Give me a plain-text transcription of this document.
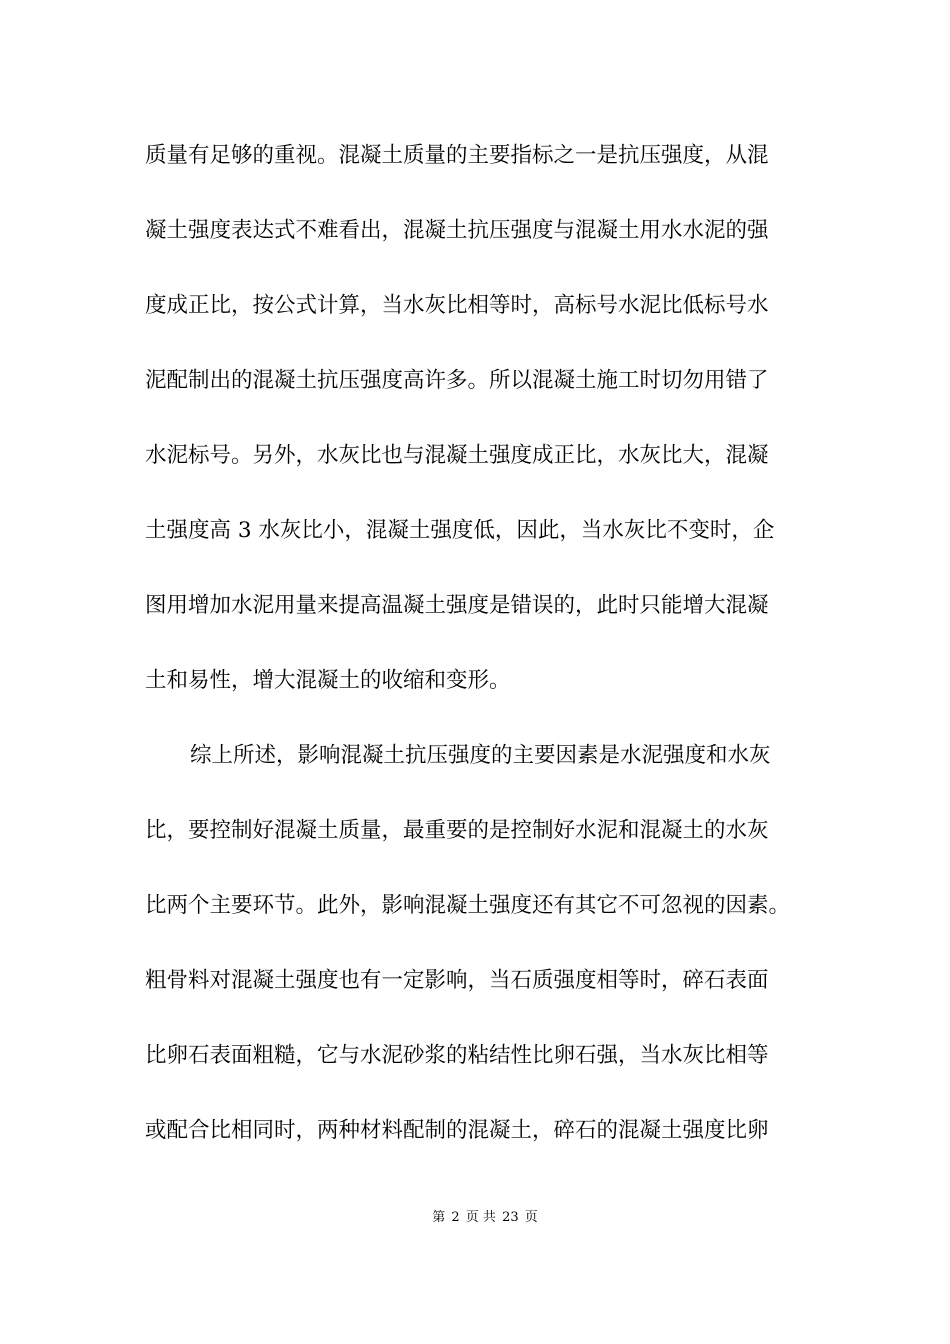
质量有足够的重视。混凝土质量的主要指标之一是抗压强度，从混
凝土强度表达式不难看出，混凝土抗压强度与混凝土用水水泥的强
度成正比，按公式计算，当水灰比相等时，高标号水泥比低标号水
泥配制出的混凝土抗压强度高许多。所以混凝土施工时切勿用错了
水泥标号。另外，水灰比也与混凝土强度成正比，水灰比大，混凝
土强度高 3 水灰比小，混凝土强度低，因此，当水灰比不变时，企
图用增加水泥用量来提高温凝土强度是错误的，此时只能增大混凝
土和易性，增大混凝土的收缩和变形。
综上所述，影响混凝土抗压强度的主要因素是水泥强度和水灰
比，要控制好混凝土质量，最重要的是控制好水泥和混凝土的水灰
比两个主要环节。此外，影响混凝土强度还有其它不可忽视的因素。
粗骨料对混凝土强度也有一定影响，当石质强度相等时，碎石表面
比卵石表面粗糙，它与水泥砂浆的粘结性比卵石强，当水灰比相等
或配合比相同时，两种材料配制的混凝土，碎石的混凝土强度比卵
第 2 页 共 23 页
